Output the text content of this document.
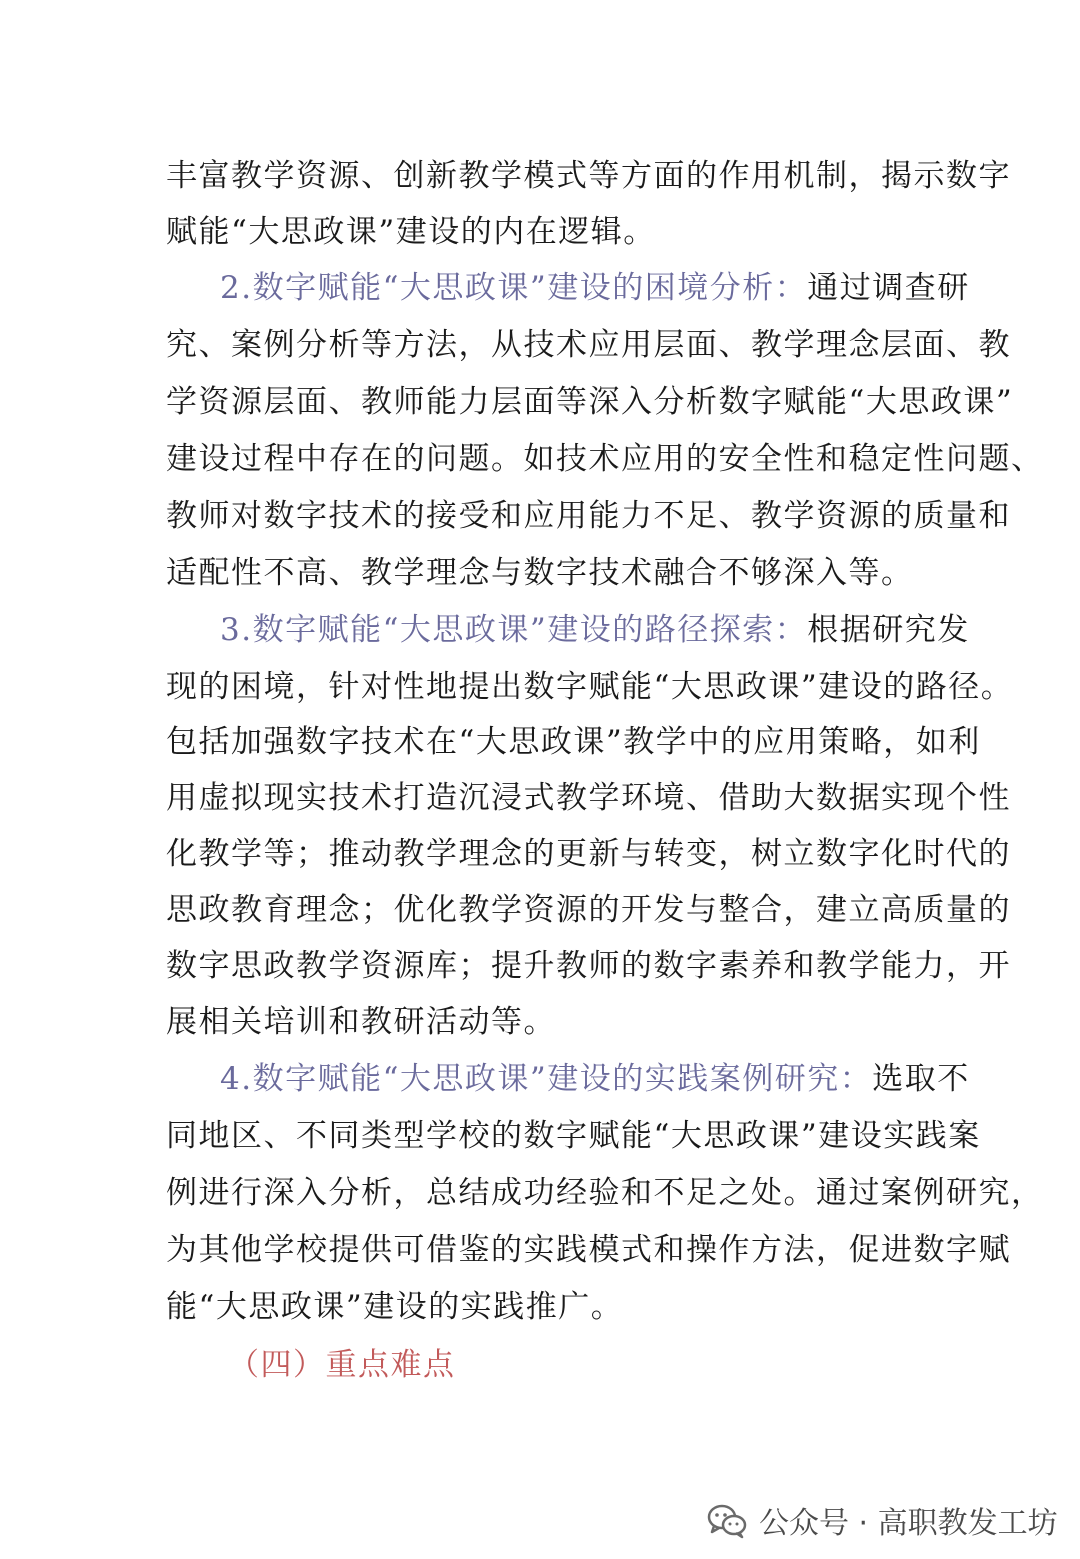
丰富教学资源、创新教学模式等方面的作用机制，揭示数字
赋能“大思政课”建设的内在逻辑。
2.数字赋能“大思政课”建设的困境分析：通过调查研
究、案例分析等方法，从技术应用层面、教学理念层面、教
学资源层面、教师能力层面等深入分析数字赋能“大思政课”
建设过程中存在的问题。如技术应用的安全性和稳定性问题、
教师对数字技术的接受和应用能力不足、教学资源的质量和
适配性不高、教学理念与数字技术融合不够深入等。
3.数字赋能“大思政课”建设的路径探索：根据研究发
现的困境，针对性地提出数字赋能“大思政课”建设的路径。
包括加强数字技术在“大思政课”教学中的应用策略，如利
用虚拟现实技术打造沉浸式教学环境、借助大数据实现个性
化教学等；推动教学理念的更新与转变，树立数字化时代的
思政教育理念；优化教学资源的开发与整合，建立高质量的
数字思政教学资源库；提升教师的数字素养和教学能力，开
展相关培训和教研活动等。
4.数字赋能“大思政课”建设的实践案例研究：选取不
同地区、不同类型学校的数字赋能“大思政课”建设实践案
例进行深入分析，总结成功经验和不足之处。通过案例研究，
为其他学校提供可借鉴的实践模式和操作方法，促进数字赋
能“大思政课”建设的实践推广。
（四）重点难点
公众号 · 高职教发工坊
